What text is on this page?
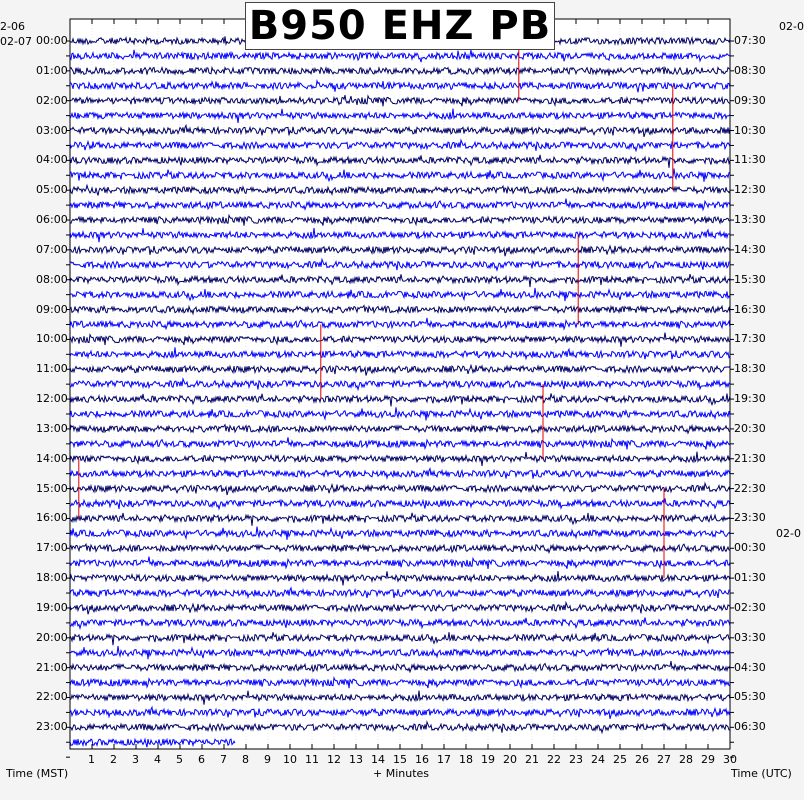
B950 EHZ PB
2-06
02-07
02-0
02-0
00:00
01:00
02:00
03:00
04:00
05:00
06:00
07:00
08:00
09:00
10:00
11:00
12:00
13:00
14:00
15:00
16:00
17:00
18:00
19:00
20:00
21:00
22:00
23:00
07:30
08:30
09:30
10:30
11:30
12:30
13:30
14:30
15:30
16:30
17:30
18:30
19:30
20:30
21:30
22:30
23:30
00:30
01:30
02:30
03:30
04:30
05:30
06:30
1 2 3 4 5 6 7 8 9 10 11 12 13 14 15 16 17 18 19 20 21 22 23 24 25 26 27 28 29 30
Time (MST)	+ Minutes	Time (UTC)
